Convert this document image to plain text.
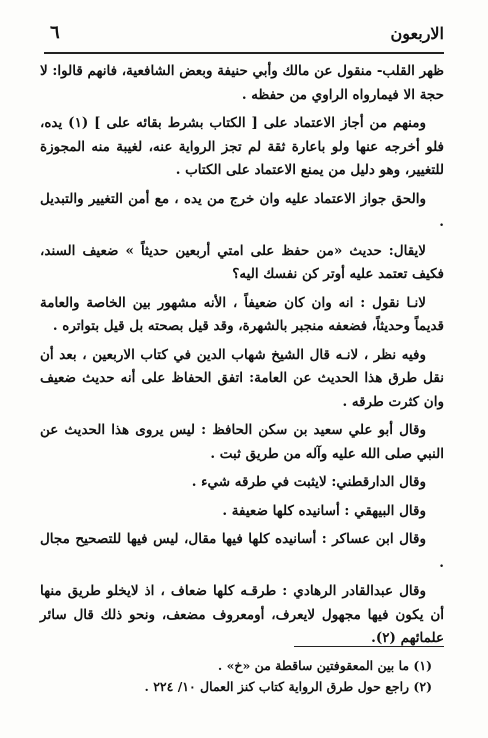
الاربعون
٦

ظهر القلب- منقول عن مالك وأبي حنيفة وبعض الشافعية، فانهم قالوا: لا حجة الا فيمارواه الراوي من حفظه .

ومنهم من أجاز الاعتماد على [ الكتاب بشرط بقائه على ] (١) يده، فلو أخرجه عنها ولو باعارة ثقة لم تجز الرواية عنه، لغيبة منه المجوزة للتغيير، وهو دليل من يمنع الاعتماد على الكتاب .

والحق جواز الاعتماد عليه وان خرج من يده ، مع أمن التغيير والتبديل .

لايقال: حديث «من حفظ على امتي أربعين حديثاً » ضعيف السند، فكيف تعتمد عليه أوتر كن نفسك اليه؟

لانـا نقول : انه وان كان ضعيفاً ، الأنه مشهور بين الخاصة والعامة قديماً وحديثاً، فضعفه منجبر بالشهرة، وقد قيل بصحته بل قيل بتواتره .

وفيه نظر ، لانـه قال الشيخ شهاب الدين في كتاب الاربعين ، بعد أن نقل طرق هذا الحديث عن العامة: اتفق الحفاظ على أنه حديث ضعيف وان كثرت طرقه .

وقال أبو علي سعيد بن سكن الحافظ : ليس يروى هذا الحديث عن النبي صلى الله عليه وآله من طريق ثبت .

وقال الدارقطني: لايثبت في طرقه شيء .

وقال البيهقي : أسانيده كلها ضعيفة .

وقال ابن عساكر : أسانيده كلها فيها مقال، ليس فيها للتصحيح مجال .

وقال عبدالقادر الرهادي : طرقـه كلها ضعاف ، اذ لايخلو طريق منها أن يكون فيها مجهول لايعرف، أومعروف مضعف، ونحو ذلك قال سائر علمائهم (٢).

(١) ما بين المعقوفتين ساقطة من «خ» .

(٢) راجع حول طرق الرواية كتاب كنز العمال ١٠/ ٢٢٤ .
